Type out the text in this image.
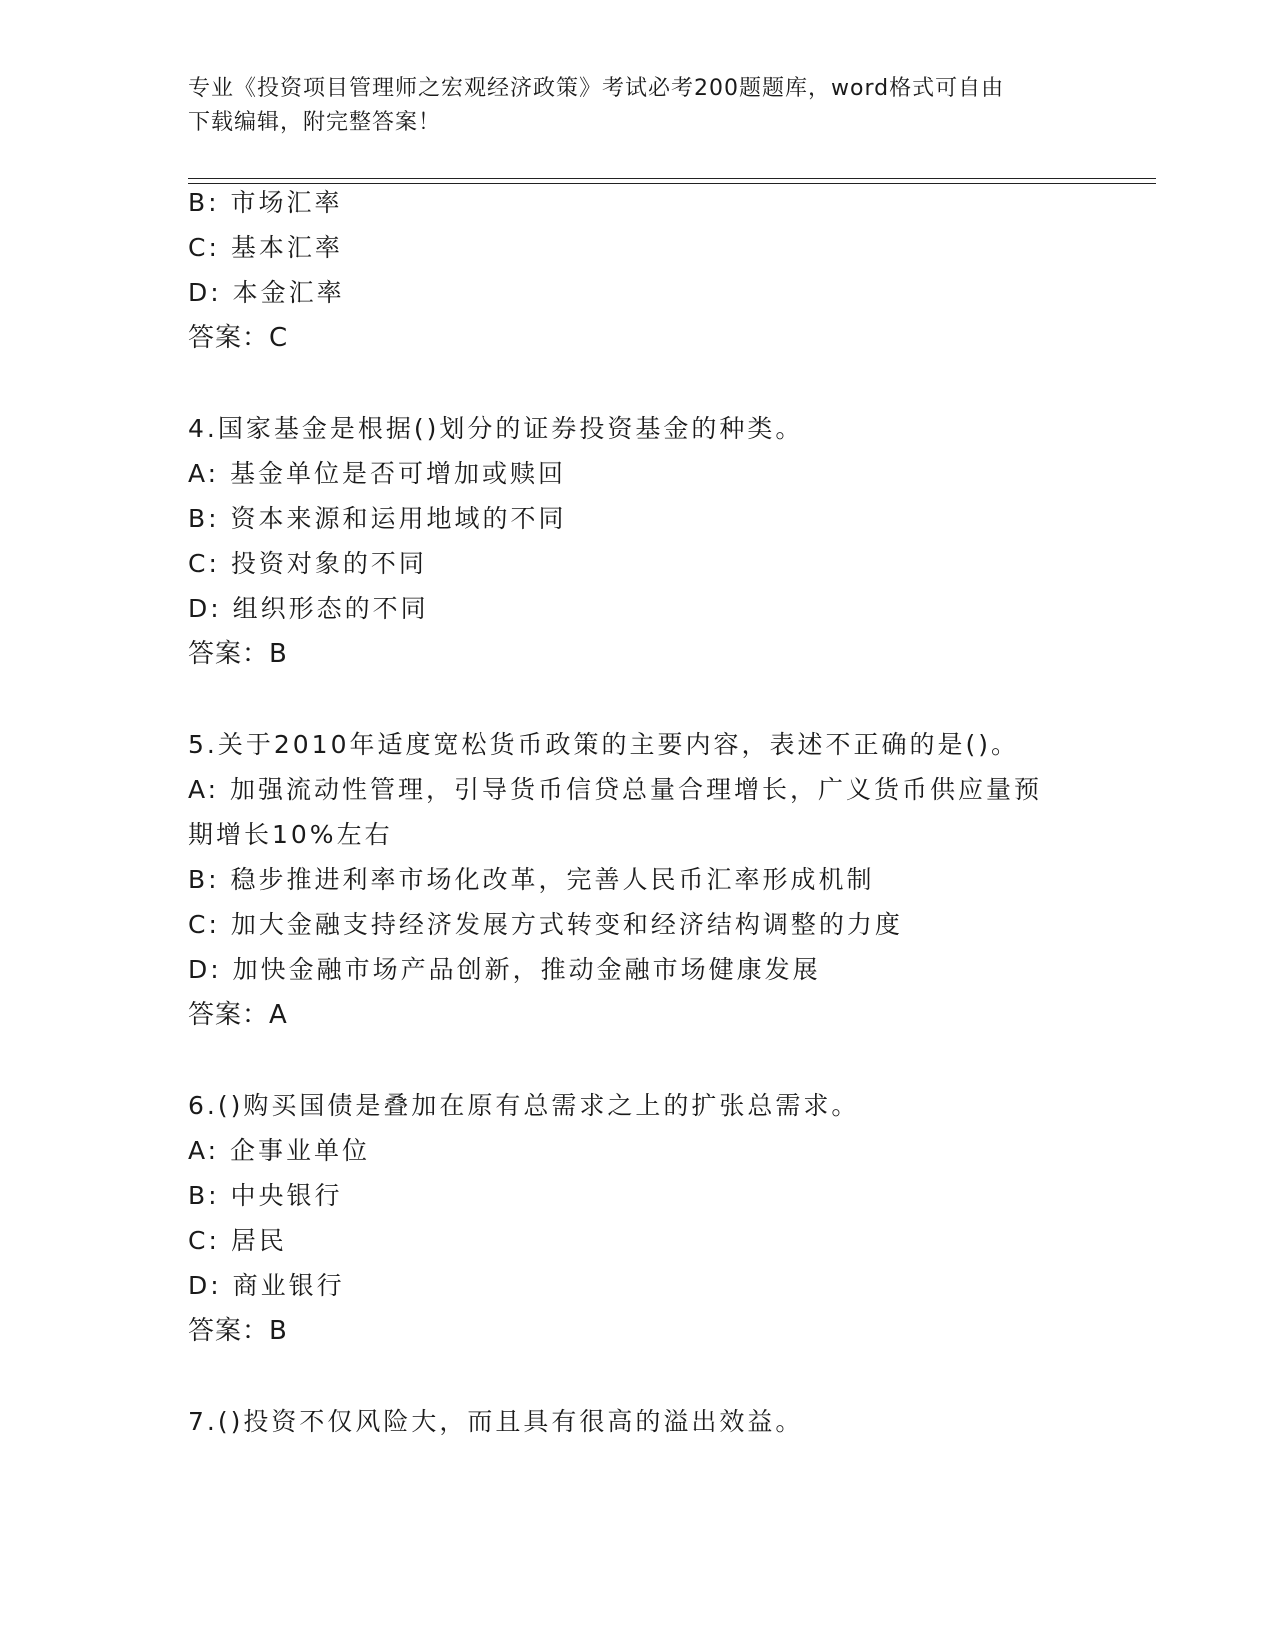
专业《投资项目管理师之宏观经济政策》考试必考200题题库，word格式可自由
下载编辑，附完整答案！
B: 市场汇率
C: 基本汇率
D: 本金汇率
答案：C
4.国家基金是根据()划分的证券投资基金的种类。
A: 基金单位是否可增加或赎回
B: 资本来源和运用地域的不同
C: 投资对象的不同
D: 组织形态的不同
答案：B
5.关于2010年适度宽松货币政策的主要内容，表述不正确的是()。
A: 加强流动性管理，引导货币信贷总量合理增长，广义货币供应量预
期增长10%左右
B: 稳步推进利率市场化改革，完善人民币汇率形成机制
C: 加大金融支持经济发展方式转变和经济结构调整的力度
D: 加快金融市场产品创新，推动金融市场健康发展
答案：A
6.()购买国债是叠加在原有总需求之上的扩张总需求。
A: 企事业单位
B: 中央银行
C: 居民
D: 商业银行
答案：B
7.()投资不仅风险大，而且具有很高的溢出效益。
